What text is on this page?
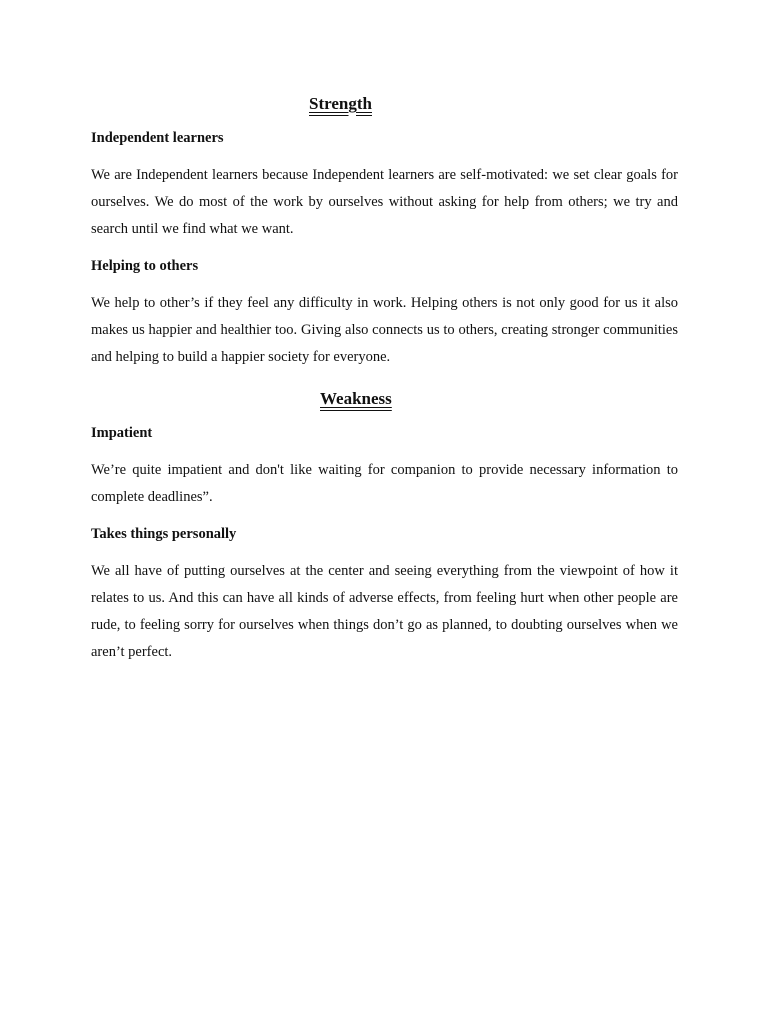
Strength

Independent learners

We are Independent learners because Independent learners are self-motivated: we set clear goals for ourselves. We do most of the work by ourselves without asking for help from others; we try and search until we find what we want.

Helping to others

We help to other’s if they feel any difficulty in work. Helping others is not only good for us it also makes us happier and healthier too. Giving also connects us to others, creating stronger communities and helping to build a happier society for everyone.

Weakness

Impatient

We’re quite impatient and don't like waiting for companion to provide necessary information to complete deadlines”.

Takes things personally

We all have of putting ourselves at the center and seeing everything from the viewpoint of how it relates to us. And this can have all kinds of adverse effects, from feeling hurt when other people are rude, to feeling sorry for ourselves when things don’t go as planned, to doubting ourselves when we aren’t perfect.
